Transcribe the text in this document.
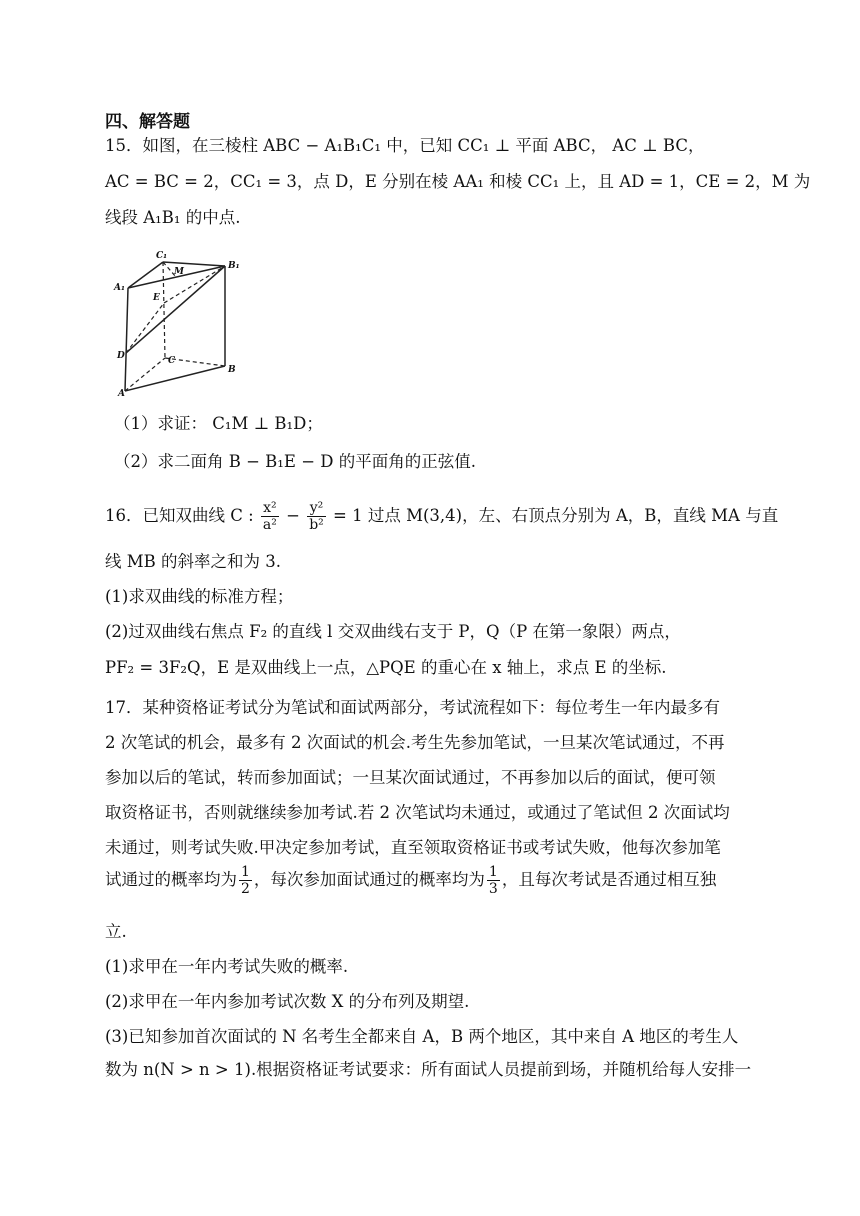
四、解答题
15．如图，在三棱柱 ABC − A₁B₁C₁ 中，已知 CC₁ ⊥ 平面 ABC， AC ⊥ BC，
AC = BC = 2，CC₁ = 3，点 D，E 分别在棱 AA₁ 和棱 CC₁ 上，且 AD = 1，CE = 2，M 为
线段 A₁B₁ 的中点.
C₁
B₁
A₁
M
E
D	C
A
B
（1）求证： C₁M ⊥ B₁D；
（2）求二面角 B − B₁E − D 的平面角的正弦值.
16．已知双曲线 C : $\frac{\text{x²}}{\text{a²}} - \frac{\text{y²}}{\text{b²}} = 1$ 过点 M(3,4)，左、右顶点分别为 A，B，直线 MA 与直
线 MB 的斜率之和为 3.
(1)求双曲线的标准方程；
(2)过双曲线右焦点 F₂ 的直线 l 交双曲线右支于 P，Q（P 在第一象限）两点，
PF₂ = 3F₂Q，E 是双曲线上一点，△PQE 的重心在 x 轴上，求点 E 的坐标.
17．某种资格证考试分为笔试和面试两部分，考试流程如下：每位考生一年内最多有
2 次笔试的机会，最多有 2 次面试的机会.考生先参加笔试，一旦某次笔试通过，不再
参加以后的笔试，转而参加面试；一旦某次面试通过，不再参加以后的面试，便可领
取资格证书，否则就继续参加考试.若 2 次笔试均未通过，或通过了笔试但 2 次面试均
未通过，则考试失败.甲决定参加考试，直至领取资格证书或考试失败，他每次参加笔
试通过的概率均为 $\frac{1}{2}$ ，每次参加面试通过的概率均为 $\frac{1}{3}$ ，且每次考试是否通过相互独
立.
(1)求甲在一年内考试失败的概率.
(2)求甲在一年内参加考试次数 X 的分布列及期望.
(3)已知参加首次面试的 N 名考生全都来自 A，B 两个地区，其中来自 A 地区的考生人
数为 n(N > n > 1).根据资格证考试要求：所有面试人员提前到场，并随机给每人安排一
